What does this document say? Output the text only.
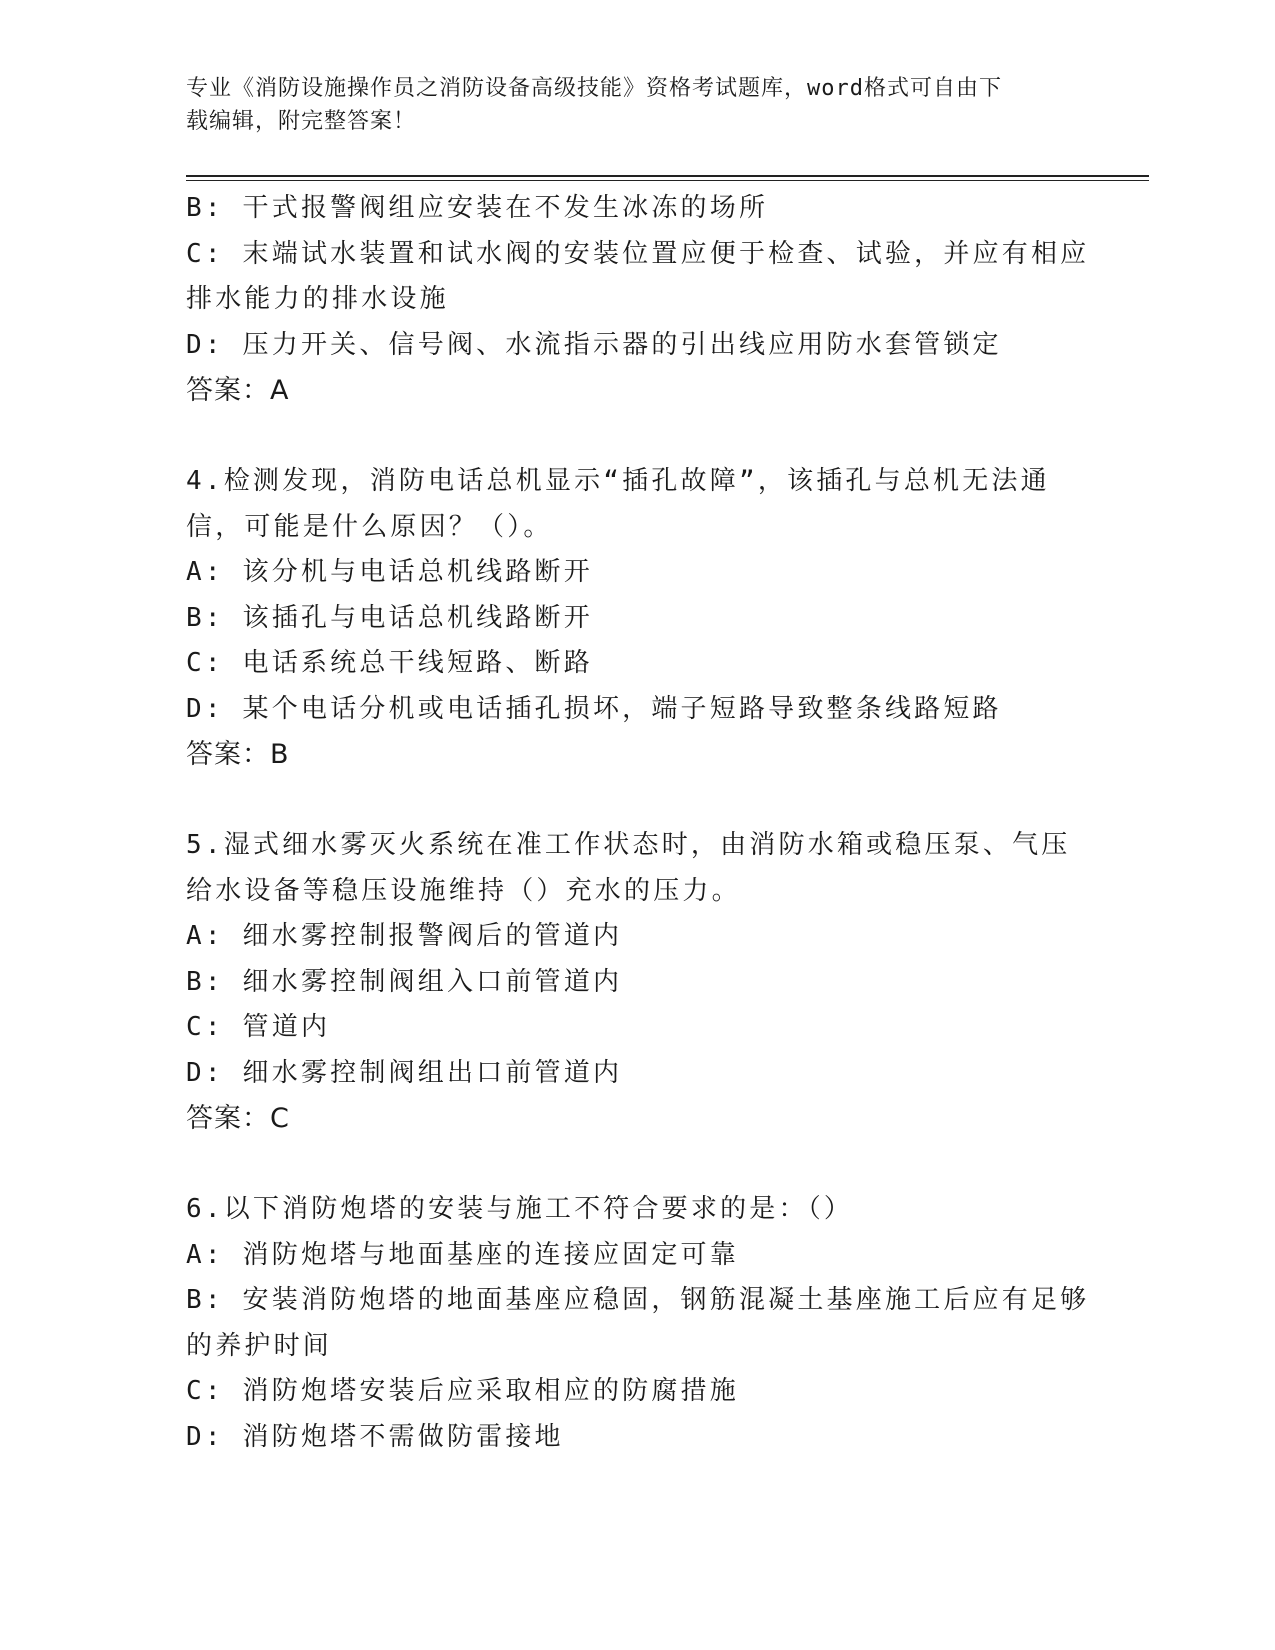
专业《消防设施操作员之消防设备高级技能》资格考试题库，word格式可自由下
载编辑，附完整答案！
B: 干式报警阀组应安装在不发生冰冻的场所
C: 末端试水装置和试水阀的安装位置应便于检查、试验，并应有相应
排水能力的排水设施
D: 压力开关、信号阀、水流指示器的引出线应用防水套管锁定
答案：A
4.检测发现，消防电话总机显示“插孔故障”，该插孔与总机无法通
信，可能是什么原因？（）。
A: 该分机与电话总机线路断开
B: 该插孔与电话总机线路断开
C: 电话系统总干线短路、断路
D: 某个电话分机或电话插孔损坏，端子短路导致整条线路短路
答案：B
5.湿式细水雾灭火系统在准工作状态时，由消防水箱或稳压泵、气压
给水设备等稳压设施维持（）充水的压力。
A: 细水雾控制报警阀后的管道内
B: 细水雾控制阀组入口前管道内
C: 管道内
D: 细水雾控制阀组出口前管道内
答案：C
6.以下消防炮塔的安装与施工不符合要求的是：（）
A: 消防炮塔与地面基座的连接应固定可靠
B: 安装消防炮塔的地面基座应稳固，钢筋混凝土基座施工后应有足够
的养护时间
C: 消防炮塔安装后应采取相应的防腐措施
D: 消防炮塔不需做防雷接地
